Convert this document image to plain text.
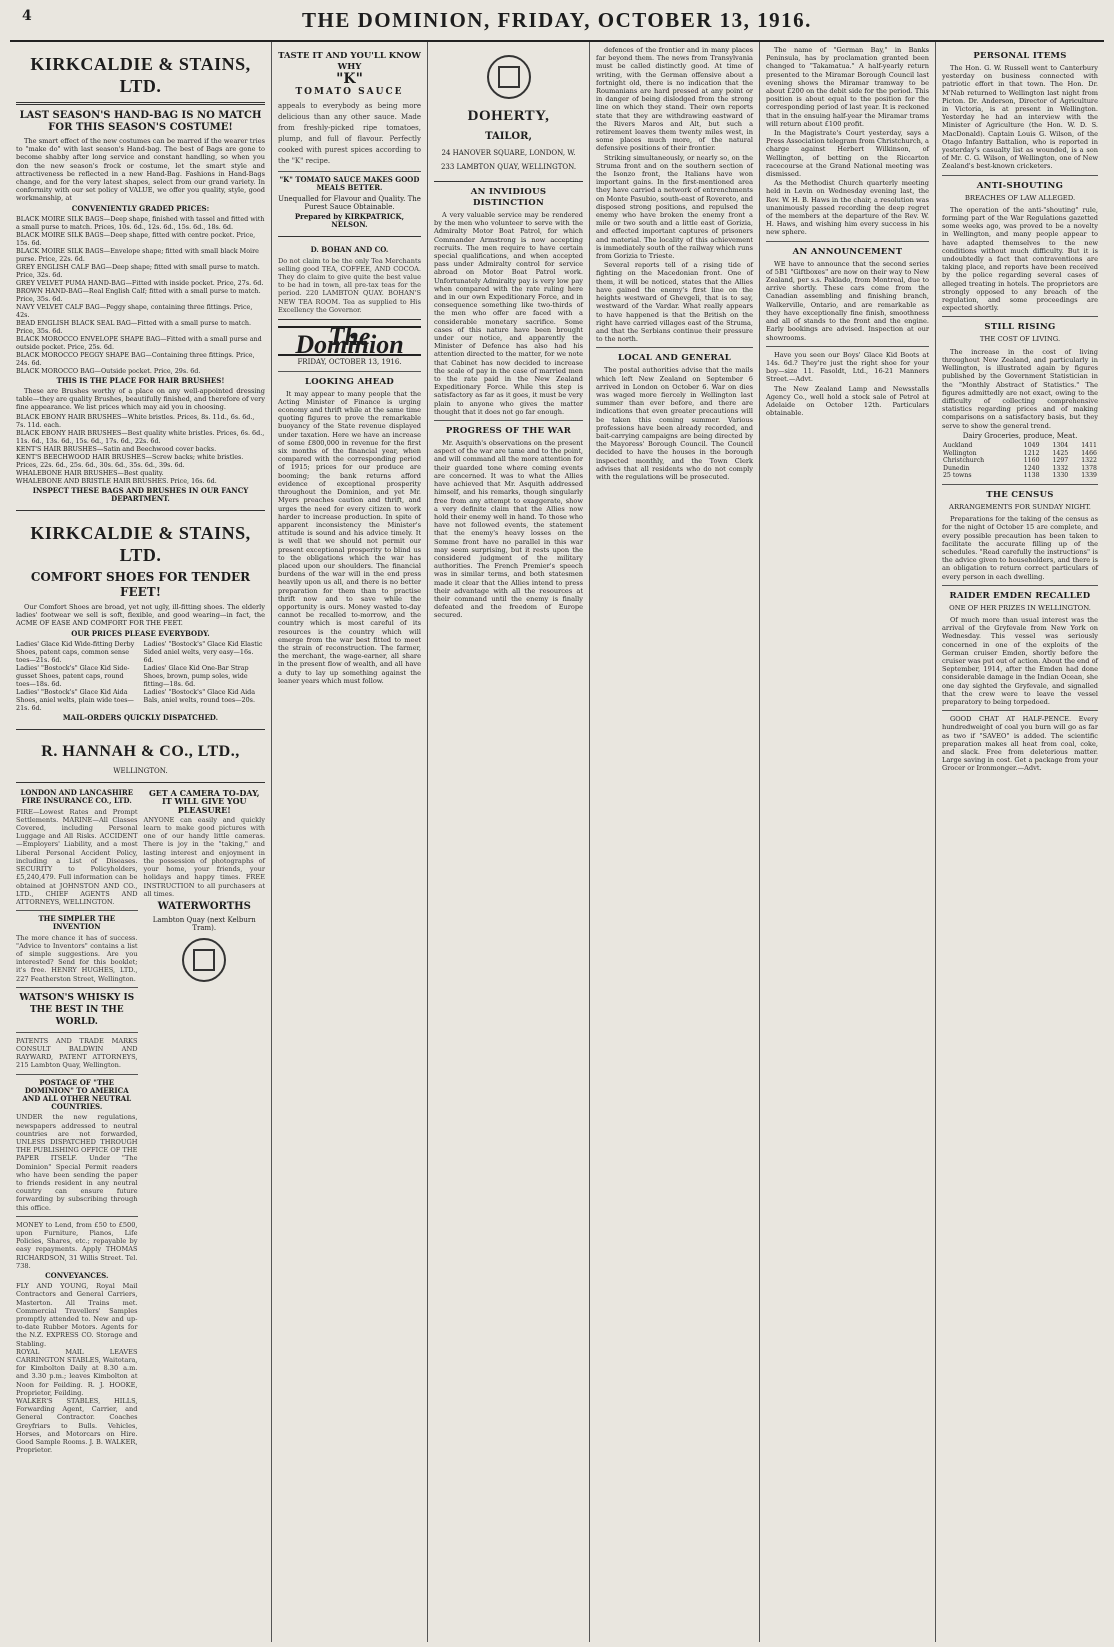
4	THE DOMINION, FRIDAY, OCTOBER 13, 1916.
KIRKCALDIE & STAINS, LTD.
LAST SEASON'S HAND-BAG IS NO MATCH FOR THIS SEASON'S COSTUME!
The smart effect of the new costumes can be marred if the wearer tries to "make do" with last season's Hand-bag. The best of Bags are gone to become shabby after long service and constant handling, so when you don the new season's frock or costume, let the smart style and attractiveness be reflected in a new Hand-Bag. Fashions in Hand-Bags change, and for the very latest shapes, select from our grand variety. In conformity with our set policy of VALUE, we offer you quality, style, good workmanship, at
CONVENIENTLY GRADED PRICES:
BLACK MOIRE SILK BAGS—Deep shape, finished with tassel and fitted with a small purse to match. Prices, 10s. 6d., 12s. 6d., 15s. 6d., 18s. 6d.
BLACK MOIRE SILK BAGS—Deep shape, fitted with centre pocket. Price, 15s. 6d.
BLACK MOIRE SILK BAGS—Envelope shape; fitted with small black Moire purse. Price, 22s. 6d.
GREY ENGLISH CALF BAG—Deep shape; fitted with small purse to match. Price, 32s. 6d.
GREY VELVET PUMA HAND-BAG—Fitted with inside pocket. Price, 27s. 6d.
BROWN HAND-BAG—Real English Calf; fitted with a small purse to match. Price, 35s. 6d.
NAVY VELVET CALF BAG—Peggy shape, containing three fittings. Price, 42s.
BEAD ENGLISH BLACK SEAL BAG—Fitted with a small purse to match. Price, 35s. 6d.
BLACK MOROCCO ENVELOPE SHAPE BAG—Fitted with a small purse and outside pocket. Price, 25s. 6d.
BLACK MOROCCO PEGGY SHAPE BAG—Containing three fittings. Price, 24s. 6d.
BLACK MOROCCO BAG—Outside pocket. Price, 29s. 6d.
THIS IS THE PLACE FOR HAIR BRUSHES!
These are Brushes worthy of a place on any well-appointed dressing table—they are quality Brushes, beautifully finished, and therefore of very fine appearance. We list prices which may aid you in choosing.
BLACK EBONY HAIR BRUSHES—White bristles. Prices, 8s. 11d., 6s. 6d., 7s. 11d. each.
BLACK EBONY HAIR BRUSHES—Best quality white bristles. Prices, 6s. 6d., 11s. 6d., 13s. 6d., 15s. 6d., 17s. 6d., 22s. 6d.
KENT'S HAIR BRUSHES—Satin and Beechwood cover backs.
KENT'S BEECHWOOD HAIR BRUSHES—Screw backs; white bristles. Prices, 22s. 6d., 25s. 6d., 30s. 6d., 35s. 6d., 39s. 6d.
WHALEBONE HAIR BRUSHES—Best quality.
WHALEBONE AND BRISTLE HAIR BRUSHES. Price, 16s. 6d.
INSPECT THESE BAGS AND BRUSHES IN OUR FANCY DEPARTMENT.
KIRKCALDIE & STAINS, LTD.
COMFORT SHOES FOR TENDER FEET!
Our Comfort Shoes are broad, yet not ugly, ill-fitting shoes. The elderly ladies' footwear we sell is soft, flexible, and good wearing—in fact, the ACME OF EASE AND COMFORT FOR THE FEET.
OUR PRICES PLEASE EVERYBODY.
Ladies' Glace Kid Wide-fitting Derby Shoes, patent caps, common sense toes—21s. 6d.
Ladies' "Bostock's" Glace Kid Side-gusset Shoes, patent caps, round toes—18s. 6d.
Ladies' "Bostock's" Glace Kid Aida Shoes, aniel welts, plain wide toes—21s. 6d.
Ladies' "Bostock's" Glace Kid Elastic Sided aniel welts, very easy—16s. 6d.
Ladies' Glace Kid One-Bar Strap Shoes, brown, pump soles, wide fitting—18s. 6d.
Ladies' "Bostock's" Glace Kid Aida Bals, aniel welts, round toes—20s.
MAIL-ORDERS QUICKLY DISPATCHED.
R. HANNAH & CO., LTD.,
WELLINGTON.
LONDON AND LANCASHIRE FIRE INSURANCE CO., LTD.
FIRE—Lowest Rates and Prompt Settlements. MARINE—All Classes Covered, including Personal Luggage and All Risks. ACCIDENT—Employers' Liability, and a most Liberal Personal Accident Policy, including a List of Diseases. SECURITY to Policyholders, £5,240,479. Full information can be obtained at JOHNSTON AND CO., LTD., CHIEF AGENTS AND ATTORNEYS, WELLINGTON.
THE SIMPLER THE INVENTION
The more chance it has of success. "Advice to Inventors" contains a list of simple suggestions. Are you interested? Send for this booklet; it's free. HENRY HUGHES, LTD., 227 Featherston Street, Wellington.
WATSON'S WHISKY IS THE BEST IN THE WORLD.
PATENTS AND TRADE MARKS CONSULT BALDWIN AND RAYWARD, PATENT ATTORNEYS, 215 Lambton Quay, Wellington.
POSTAGE OF "THE DOMINION" TO AMERICA AND ALL OTHER NEUTRAL COUNTRIES.
UNDER the new regulations, newspapers addressed to neutral countries are not forwarded, UNLESS DISPATCHED THROUGH THE PUBLISHING OFFICE OF THE PAPER ITSELF. Under "The Dominion" Special Permit readers who have been sending the paper to friends resident in any neutral country can ensure future forwarding by subscribing through this office.
MONEY to Lend, from £50 to £500, upon Furniture, Pianos, Life Policies, Shares, etc.; repayable by easy repayments. Apply THOMAS RICHARDSON, 31 Willis Street. Tel. 738.
CONVEYANCES.
FLY AND YOUNG, Royal Mail Contractors and General Carriers, Masterton. All Trains met. Commercial Travellers' Samples promptly attended to. New and up-to-date Rubber Motors. Agents for the N.Z. EXPRESS CO. Storage and Stabling.
ROYAL MAIL LEAVES CARRINGTON STABLES, Waitotara, for Kimbolton Daily at 8.30 a.m. and 3.30 p.m.; leaves Kimbolton at Noon for Feilding. R. J. HOOKE, Proprietor, Feilding.
WALKER'S STABLES, HILLS, Forwarding Agent, Carrier, and General Contractor. Coaches Greyfriars to Bulls. Vehicles, Horses, and Motorcars on Hire. Good Sample Rooms. J. B. WALKER, Proprietor.
GET A CAMERA TO-DAY, IT WILL GIVE YOU PLEASURE!
ANYONE can easily and quickly learn to make good pictures with one of our handy little cameras. There is joy in the "taking," and lasting interest and enjoyment in the possession of photographs of your home, your friends, your holidays and happy times. FREE INSTRUCTION to all purchasers at all times.
WATERWORTHS
Lambton Quay (next Kelburn Tram).
TASTE IT AND YOU'LL KNOW WHY
"K"
TOMATO SAUCE
appeals to everybody as being more delicious than any other sauce. Made from freshly-picked ripe tomatoes, plump, and full of flavour. Perfectly cooked with purest spices according to the "K" recipe.
"K" TOMATO SAUCE MAKES GOOD MEALS BETTER.
Unequalled for Flavour and Quality. The Purest Sauce Obtainable.
Prepared by KIRKPATRICK, NELSON.
D. BOHAN AND CO.
Do not claim to be the only Tea Merchants selling good TEA, COFFEE, AND COCOA. They do claim to give quite the best value to be had in town, all pre-tax teas for the period. 220 LAMBTON QUAY. BOHAN'S NEW TEA ROOM. Tea as supplied to His Excellency the Governor.
The Dominion
FRIDAY, OCTOBER 13, 1916.
LOOKING AHEAD
It may appear to many people that the Acting Minister of Finance is urging economy and thrift while at the same time quoting figures to prove the remarkable buoyancy of the State revenue displayed under taxation. Here we have an increase of some £800,000 in revenue for the first six months of the financial year, when compared with the corresponding period of 1915; prices for our produce are booming; the bank returns afford evidence of exceptional prosperity throughout the Dominion, and yet Mr. Myers preaches caution and thrift, and urges the need for every citizen to work harder to increase production. In spite of apparent inconsistency the Minister's attitude is sound and his advice timely. It is well that we should not permit our present exceptional prosperity to blind us to the obligations which the war has placed upon our shoulders. The financial burdens of the war will in the end press heavily upon us all, and there is no better preparation for them than to practise thrift now and to save while the opportunity is ours. Money wasted to-day cannot be recalled to-morrow, and the country which is most careful of its resources is the country which will emerge from the war best fitted to meet the strain of reconstruction. The farmer, the merchant, the wage-earner, all share in the present flow of wealth, and all have a duty to lay up something against the leaner years which must follow.
DOHERTY,
TAILOR,
24 HANOVER SQUARE, LONDON, W. 233 LAMBTON QUAY, WELLINGTON.
AN INVIDIOUS DISTINCTION
A very valuable service may be rendered by the men who volunteer to serve with the Admiralty Motor Boat Patrol, for which Commander Armstrong is now accepting recruits. The men require to have certain special qualifications, and when accepted pass under Admiralty control for service abroad on Motor Boat Patrol work. Unfortunately Admiralty pay is very low pay when compared with the rate ruling here and in our own Expeditionary Force, and in consequence something like two-thirds of the men who offer are faced with a considerable monetary sacrifice. Some cases of this nature have been brought under our notice, and apparently the Minister of Defence has also had his attention directed to the matter, for we note that Cabinet has now decided to increase the scale of pay in the case of married men to the rate paid in the New Zealand Expeditionary Force. While this step is satisfactory as far as it goes, it must be very plain to anyone who gives the matter thought that it does not go far enough.
PROGRESS OF THE WAR
Mr. Asquith's observations on the present aspect of the war are tame and to the point, and will command all the more attention for their guarded tone where coming events are concerned. It was to what the Allies have achieved that Mr. Asquith addressed himself, and his remarks, though singularly free from any attempt to exaggerate, show a very definite claim that the Allies now hold their enemy well in hand. To those who have not followed events, the statement that the enemy's heavy losses on the Somme front have no parallel in this war may seem surprising, but it rests upon the considered judgment of the military authorities. The French Premier's speech was in similar terms, and both statesmen made it clear that the Allies intend to press their advantage with all the resources at their command until the enemy is finally defeated and the freedom of Europe secured.
defences of the frontier and in many places far beyond them. The news from Transylvania must be called distinctly good. At time of writing, with the German offensive about a fortnight old, there is no indication that the Roumanians are hard pressed at any point or in danger of being dislodged from the strong line on which they stand. Their own reports state that they are withdrawing eastward of the Rivers Maros and Alt, but such a retirement leaves them twenty miles west, in some places much more, of the natural defensive positions of their frontier.
Striking simultaneously, or nearly so, on the Struma front and on the southern section of the Isonzo front, the Italians have won important gains. In the first-mentioned area they have carried a network of entrenchments on Monte Pasubio, south-east of Rovereto, and disposed strong positions, and repulsed the enemy who have broken the enemy front a mile or two south and a little east of Gorizia, and effected important captures of prisoners and material. The locality of this achievement is immediately south of the railway which runs from Gorizia to Trieste.
Several reports tell of a rising tide of fighting on the Macedonian front. One of them, it will be noticed, states that the Allies have gained the enemy's first line on the heights westward of Ghevgeli, that is to say, westward of the Vardar. What really appears to have happened is that the British on the right have carried villages east of the Struma, and that the Serbians continue their pressure to the north.
LOCAL AND GENERAL
The postal authorities advise that the mails which left New Zealand on September 6 arrived in London on October 6. War on dies was waged more fiercely in Wellington last summer than ever before, and there are indications that even greater precautions will be taken this coming summer. Various professions have been already recorded, and bait-carrying campaigns are being directed by the Mayoress' Borough Council. The Council decided to have the houses in the borough inspected monthly, and the Town Clerk advises that all residents who do not comply with the regulations will be prosecuted.
The name of "German Bay," in Banks Peninsula, has by proclamation granted been changed to "Takamatua." A half-yearly return presented to the Miramar Borough Council last evening shows the Miramar tramway to be about £200 on the debit side for the period. This position is about equal to the position for the corresponding period of last year. It is reckoned that in the ensuing half-year the Miramar trams will return about £100 profit.
In the Magistrate's Court yesterday, says a Press Association telegram from Christchurch, a charge against Herbert Wilkinson, of Wellington, of betting on the Riccarton racecourse at the Grand National meeting was dismissed.
As the Methodist Church quarterly meeting held in Levin on Wednesday evening last, the Rev. W. H. B. Haws in the chair, a resolution was unanimously passed recording the deep regret of the members at the departure of the Rev. W. H. Haws, and wishing him every success in his new sphere.
AN ANNOUNCEMENT
WE have to announce that the second series of 5B1 "Giftboxes" are now on their way to New Zealand, per s.s. Paklado, from Montreal, due to arrive shortly. These cars come from the Canadian assembling and finishing branch, Walkerville, Ontario, and are remarkable as they have exceptionally fine finish, smoothness and all of stands to the front and the engine. Early bookings are advised. Inspection at our showrooms.
Have you seen our Boys' Glace Kid Boots at 14s. 6d.? They're just the right shoe for your boy—size 11. Fasoldt, Ltd., 16-21 Manners Street.—Advt.
The New Zealand Lamp and Newsstalls Agency Co., well hold a stock sale of Petrol at Adelaide on October 12th. Particulars obtainable.
PERSONAL ITEMS
The Hon. G. W. Russell went to Canterbury yesterday on business connected with patriotic effort in that town. The Hon. Dr. M'Nab returned to Wellington last night from Picton. Dr. Anderson, Director of Agriculture in Victoria, is at present in Wellington. Yesterday he had an interview with the Minister of Agriculture (the Hon. W. D. S. MacDonald). Captain Louis G. Wilson, of the Otago Infantry Battalion, who is reported in yesterday's casualty list as wounded, is a son of Mr. C. G. Wilson, of Wellington, one of New Zealand's best-known cricketers.
ANTI-SHOUTING
BREACHES OF LAW ALLEGED.
The operation of the anti-"shouting" rule, forming part of the War Regulations gazetted some weeks ago, was proved to be a novelty in Wellington, and many people appear to have adapted themselves to the new conditions without much difficulty. But it is undoubtedly a fact that contraventions are taking place, and reports have been received by the police regarding several cases of alleged treating in hotels. The proprietors are strongly opposed to any breach of the regulation, and some proceedings are expected shortly.
STILL RISING
THE COST OF LIVING.
The increase in the cost of living throughout New Zealand, and particularly in Wellington, is illustrated again by figures published by the Government Statistician in the "Monthly Abstract of Statistics." The figures admittedly are not exact, owing to the difficulty of collecting comprehensive statistics regarding prices and of making comparisons on a satisfactory basis, but they serve to show the general trend.
Dairy Groceries, produce, Meat.
Auckland	1049	1304	1411
Wellington	1212	1425	1466
Christchurch	1160	1297	1322
Dunedin	1240	1332	1378
25 towns	1138	1330	1339
THE CENSUS
ARRANGEMENTS FOR SUNDAY NIGHT.
Preparations for the taking of the census as for the night of October 15 are complete, and every possible precaution has been taken to facilitate the accurate filling up of the schedules. "Read carefully the instructions" is the advice given to householders, and there is an obligation to return correct particulars of every person in each dwelling.
RAIDER EMDEN RECALLED
ONE OF HER PRIZES IN WELLINGTON.
Of much more than usual interest was the arrival of the Gryfevale from New York on Wednesday. This vessel was seriously concerned in one of the exploits of the German cruiser Emden, shortly before the cruiser was put out of action. About the end of September, 1914, after the Emden had done considerable damage in the Indian Ocean, she one day sighted the Gryfevale, and signalled that the crew were to leave the vessel preparatory to being torpedoed.
GOOD CHAT AT HALF-PENCE. Every hundredweight of coal you burn will go as far as two if "SAVEO" is added. The scientific preparation makes all heat from coal, coke, and slack. Free from deleterious matter. Large saving in cost. Get a package from your Grocer or Ironmonger.—Advt.
